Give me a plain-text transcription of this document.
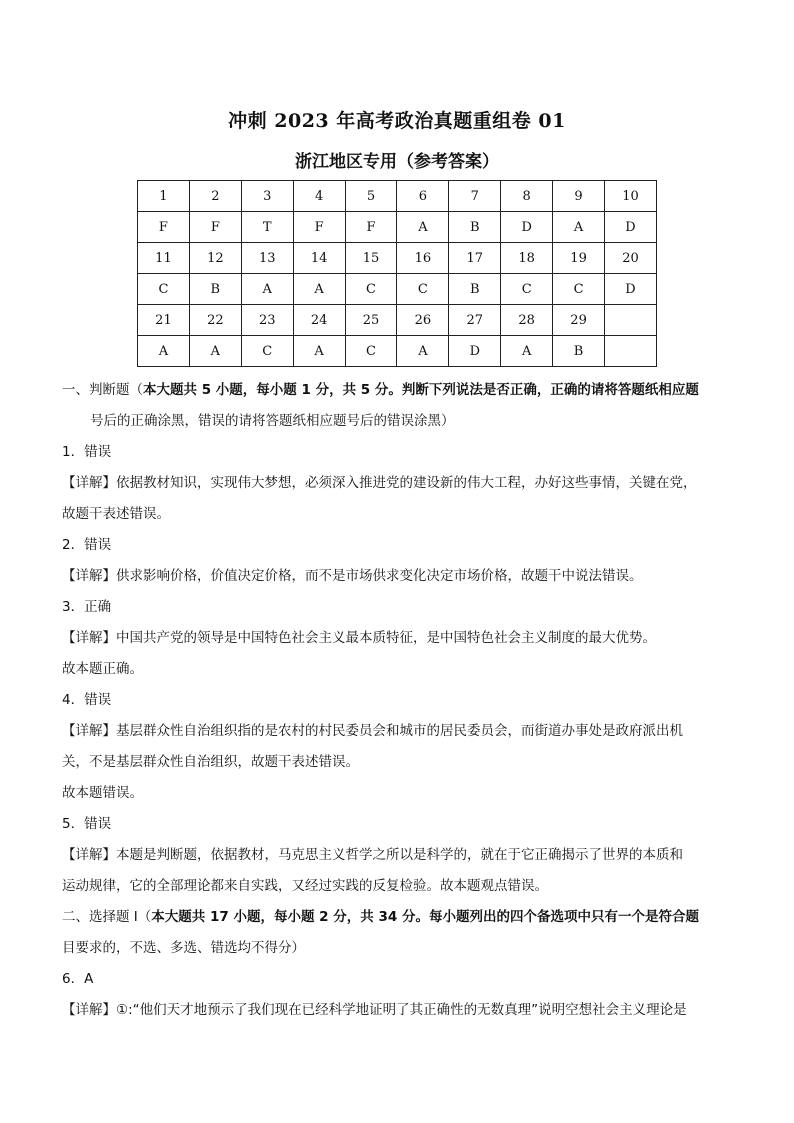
冲刺 2023 年高考政治真题重组卷 01
浙江地区专用（参考答案）
1	2	3	4	5	6	7	8	9	10
F	F	T	F	F	A	B	D	A	D
11	12	13	14	15	16	17	18	19	20
C	B	A	A	C	C	B	C	C	D
21	22	23	24	25	26	27	28	29	
A	A	C	A	C	A	D	A	B	

一、判断题（本大题共 5 小题，每小题 1 分，共 5 分。判断下列说法是否正确，正确的请将答题纸相应题

号后的正确涂黑，错误的请将答题纸相应题号后的错误涂黑）

1．错误

【详解】依据教材知识，实现伟大梦想，必须深入推进党的建设新的伟大工程，办好这些事情，关键在党，

故题干表述错误。

2．错误

【详解】供求影响价格，价值决定价格，而不是市场供求变化决定市场价格，故题干中说法错误。

3．正确

【详解】中国共产党的领导是中国特色社会主义最本质特征，是中国特色社会主义制度的最大优势。

故本题正确。

4．错误

【详解】基层群众性自治组织指的是农村的村民委员会和城市的居民委员会，而街道办事处是政府派出机

关，不是基层群众性自治组织，故题干表述错误。

故本题错误。

5．错误

【详解】本题是判断题，依据教材，马克思主义哲学之所以是科学的，就在于它正确揭示了世界的本质和

运动规律，它的全部理论都来自实践，又经过实践的反复检验。故本题观点错误。

二、选择题 I（本大题共 17 小题，每小题 2 分，共 34 分。每小题列出的四个备选项中只有一个是符合题

目要求的，不选、多选、错选均不得分）

6．A

【详解】①:“他们天才地预示了我们现在已经科学地证明了其正确性的无数真理”说明空想社会主义理论是
